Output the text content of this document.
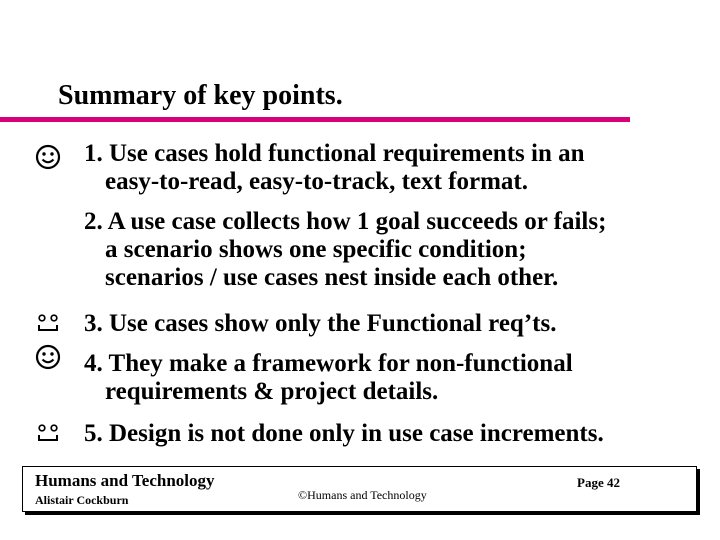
Summary of key points.
1. Use cases hold functional requirements in an
easy-to-read, easy-to-track, text format.
2. A use case collects how 1 goal succeeds or fails;
a scenario shows one specific condition;
scenarios / use cases nest inside each other.
3. Use cases show only the Functional req’ts.
4. They make a framework for non-functional
requirements & project details.
5. Design is not done only in use case increments.
Humans and Technology
Alistair Cockburn	©Humans and Technology
Page 42
